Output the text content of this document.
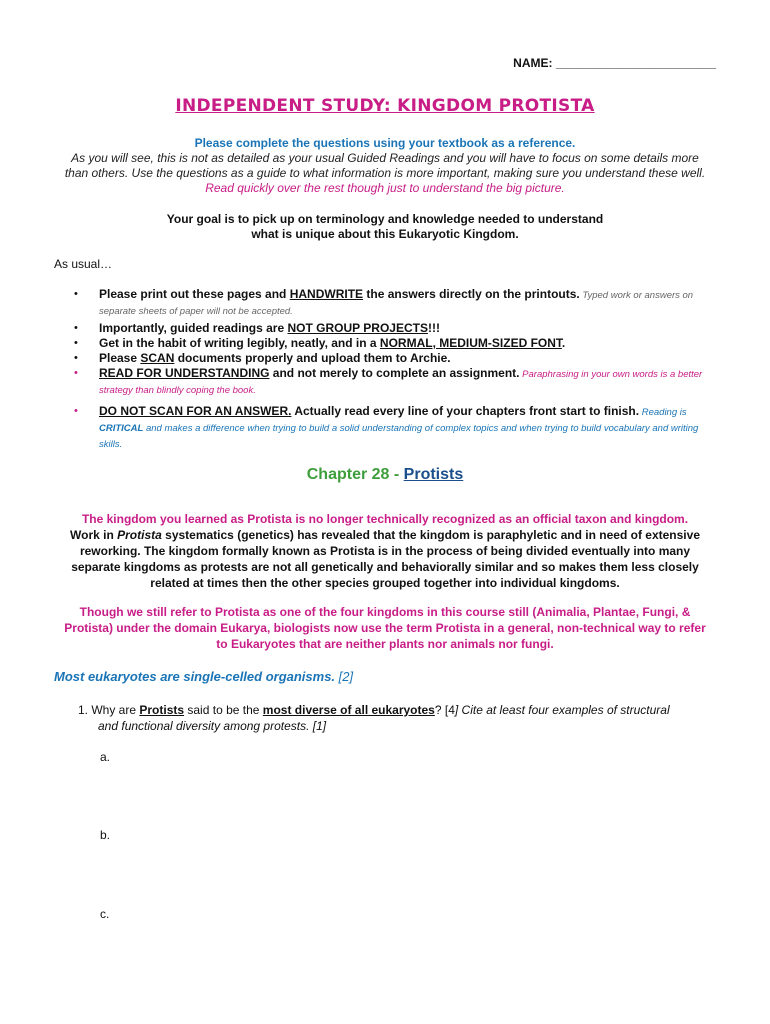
NAME: ________________________
INDEPENDENT STUDY: KINGDOM PROTISTA
Please complete the questions using your textbook as a reference.
As you will see, this is not as detailed as your usual Guided Readings and you will have to focus on some details more than others. Use the questions as a guide to what information is more important, making sure you understand these well.
Read quickly over the rest though just to understand the big picture.
Your goal is to pick up on terminology and knowledge needed to understand
what is unique about this Eukaryotic Kingdom.
As usual…
• Please print out these pages and HANDWRITE the answers directly on the printouts. Typed work or answers on separate sheets of paper will not be accepted.
• Importantly, guided readings are NOT GROUP PROJECTS!!!
• Get in the habit of writing legibly, neatly, and in a NORMAL, MEDIUM-SIZED FONT.
• Please SCAN documents properly and upload them to Archie.
• READ FOR UNDERSTANDING and not merely to complete an assignment. Paraphrasing in your own words is a better strategy than blindly coping the book.
• DO NOT SCAN FOR AN ANSWER. Actually read every line of your chapters front start to finish. Reading is CRITICAL and makes a difference when trying to build a solid understanding of complex topics and when trying to build vocabulary and writing skills.
Chapter 28 - Protists
The kingdom you learned as Protista is no longer technically recognized as an official taxon and kingdom.
Work in Protista systematics (genetics) has revealed that the kingdom is paraphyletic and in need of extensive reworking. The kingdom formally known as Protista is in the process of being divided eventually into many separate kingdoms as protests are not all genetically and behaviorally similar and so makes them less closely related at times then the other species grouped together into individual kingdoms.
Though we still refer to Protista as one of the four kingdoms in this course still (Animalia, Plantae, Fungi, & Protista) under the domain Eukarya, biologists now use the term Protista in a general, non-technical way to refer to Eukaryotes that are neither plants nor animals nor fungi.
Most eukaryotes are single-celled organisms. [2]
1. Why are Protists said to be the most diverse of all eukaryotes? [4] Cite at least four examples of structural and functional diversity among protests. [1]
a.
b.
c.
